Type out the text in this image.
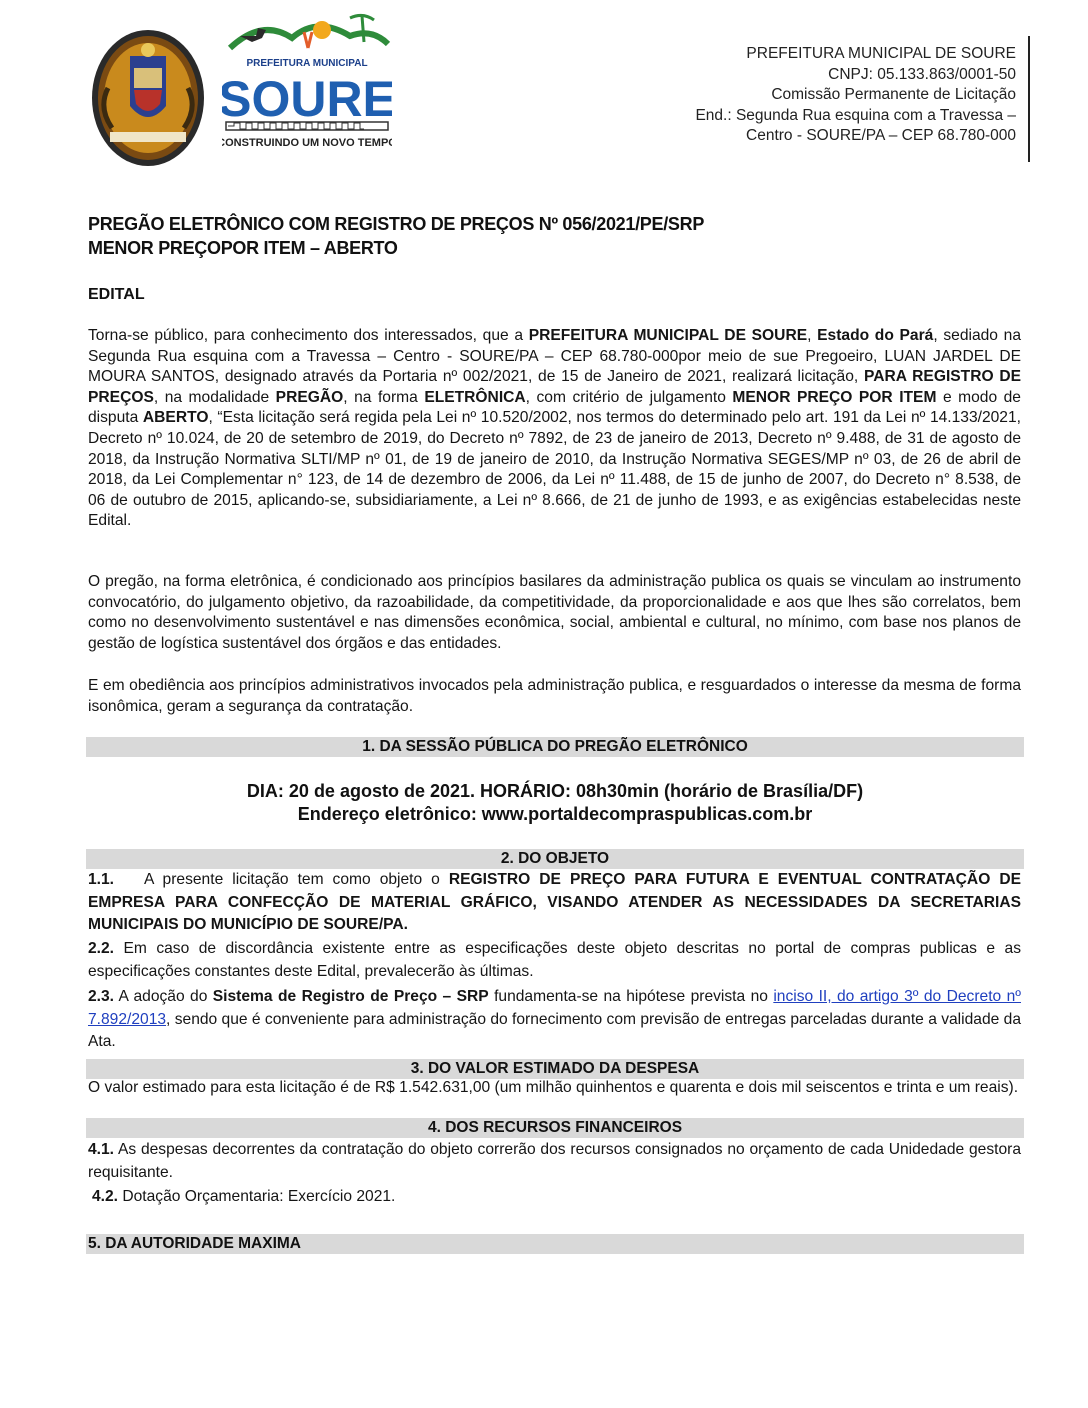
PREFEITURA MUNICIPAL
SOURE
CONSTRUINDO UM NOVO TEMPO
PREFEITURA MUNICIPAL DE SOURE
CNPJ: 05.133.863/0001-50
Comissão Permanente de Licitação
End.: Segunda Rua esquina com a Travessa –
Centro - SOURE/PA – CEP 68.780-000
PREGÃO ELETRÔNICO COM REGISTRO DE PREÇOS Nº 056/2021/PE/SRP
MENOR PREÇOPOR ITEM – ABERTO
EDITAL
Torna-se público, para conhecimento dos interessados, que a PREFEITURA MUNICIPAL DE SOURE, Estado do Pará, sediado na Segunda Rua esquina com a Travessa – Centro - SOURE/PA – CEP 68.780-000por meio de sue Pregoeiro, LUAN JARDEL DE MOURA SANTOS, designado através da Portaria nº 002/2021, de 15 de Janeiro de 2021, realizará licitação, PARA REGISTRO DE PREÇOS, na modalidade PREGÃO, na forma ELETRÔNICA, com critério de julgamento MENOR PREÇO POR ITEM e modo de disputa ABERTO, “Esta licitação será regida pela Lei nº 10.520/2002, nos termos do determinado pelo art. 191 da Lei nº 14.133/2021, Decreto nº 10.024, de 20 de setembro de 2019, do Decreto nº 7892, de 23 de janeiro de 2013, Decreto nº 9.488, de 31 de agosto de 2018, da Instrução Normativa SLTI/MP nº 01, de 19 de janeiro de 2010, da Instrução Normativa SEGES/MP nº 03, de 26 de abril de 2018, da Lei Complementar n° 123, de 14 de dezembro de 2006, da Lei nº 11.488, de 15 de junho de 2007, do Decreto n° 8.538, de 06 de outubro de 2015, aplicando-se, subsidiariamente, a Lei nº 8.666, de 21 de junho de 1993, e as exigências estabelecidas neste Edital.
O pregão, na forma eletrônica, é condicionado aos princípios basilares da administração publica os quais se vinculam ao instrumento convocatório, do julgamento objetivo, da razoabilidade, da competitividade, da proporcionalidade e aos que lhes são correlatos, bem como no desenvolvimento sustentável e nas dimensões econômica, social, ambiental e cultural, no mínimo, com base nos planos de gestão de logística sustentável dos órgãos e das entidades.
E em obediência aos princípios administrativos invocados pela administração publica, e resguardados o interesse da mesma de forma isonômica, geram a segurança da contratação.
1. DA SESSÃO PÚBLICA DO PREGÃO ELETRÔNICO
DIA: 20 de agosto de 2021. HORÁRIO: 08h30min (horário de Brasília/DF)
Endereço eletrônico: www.portaldecompraspublicas.com.br
2. DO OBJETO
1.1. A presente licitação tem como objeto o REGISTRO DE PREÇO PARA FUTURA E EVENTUAL CONTRATAÇÃO DE EMPRESA PARA CONFECÇÃO DE MATERIAL GRÁFICO, VISANDO ATENDER AS NECESSIDADES DA SECRETARIAS MUNICIPAIS DO MUNICÍPIO DE SOURE/PA.
2.2. Em caso de discordância existente entre as especificações deste objeto descritas no portal de compras publicas e as especificações constantes deste Edital, prevalecerão às últimas.
2.3. A adoção do Sistema de Registro de Preço – SRP fundamenta-se na hipótese prevista no inciso II, do artigo 3º do Decreto nº 7.892/2013, sendo que é conveniente para administração do fornecimento com previsão de entregas parceladas durante a validade da Ata.
3. DO VALOR ESTIMADO DA DESPESA
O valor estimado para esta licitação é de R$ 1.542.631,00 (um milhão quinhentos e quarenta e dois mil seiscentos e trinta e um reais).
4. DOS RECURSOS FINANCEIROS
4.1. As despesas decorrentes da contratação do objeto correrão dos recursos consignados no orçamento de cada Unidedade gestora requisitante.
4.2. Dotação Orçamentaria: Exercício 2021.
5. DA AUTORIDADE MAXIMA
